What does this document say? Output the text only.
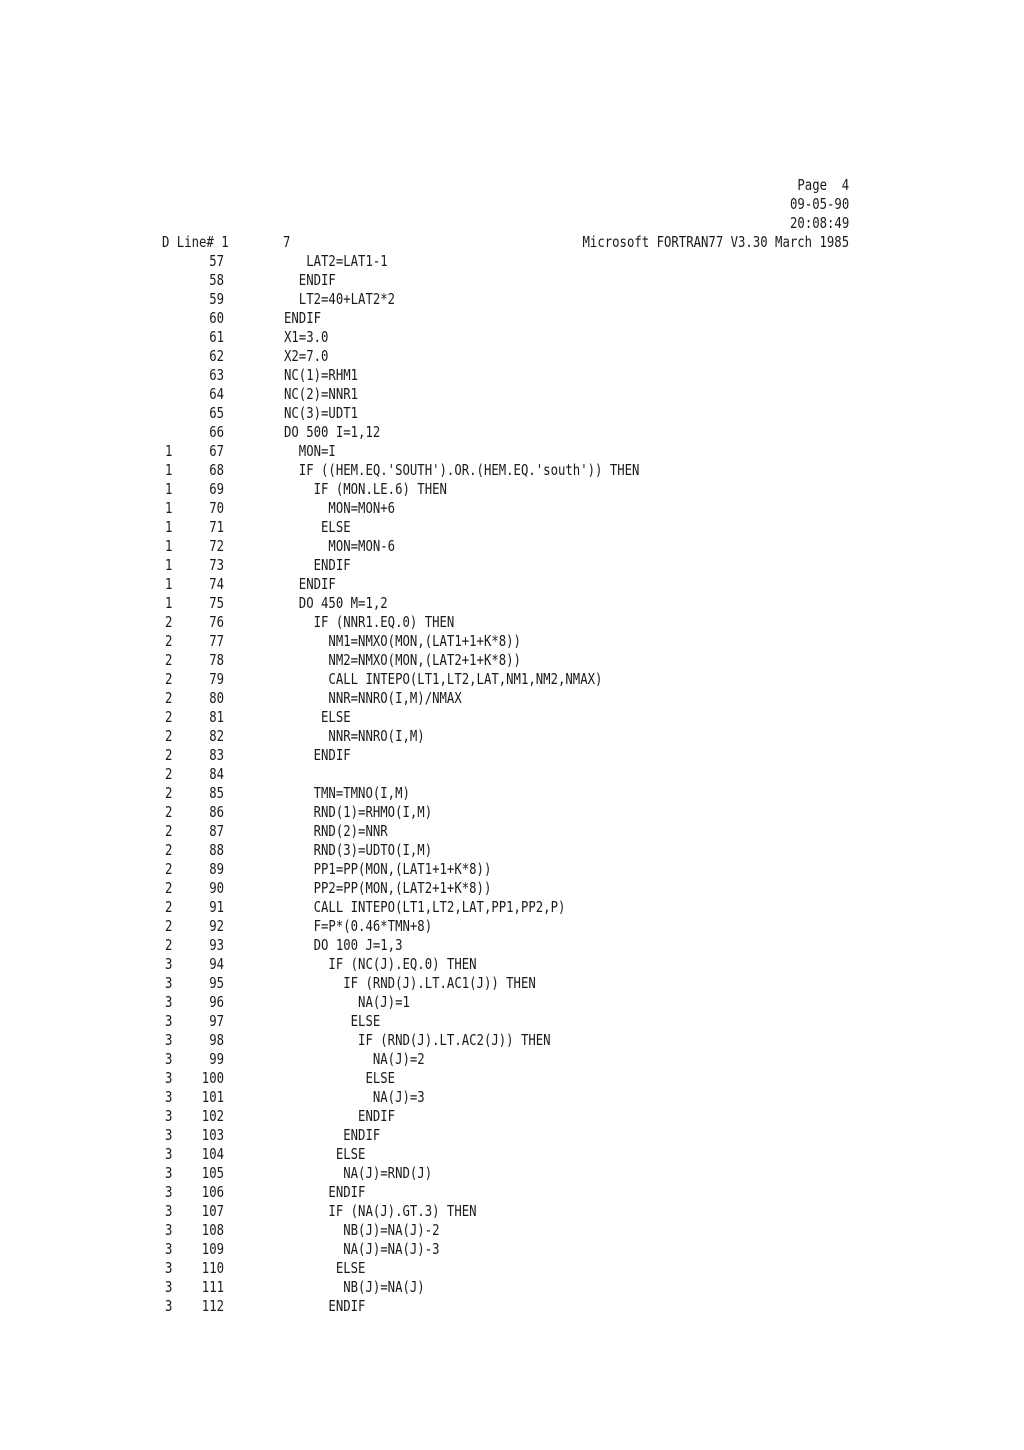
Page  4
09-05-90
20:08:49

D Line# 1

	7

	Microsoft FORTRAN77 V3.30 March 1985
57	LAT2=LAT1-1
58	ENDIF
59	LT2=40+LAT2*2
60	ENDIF
61	X1=3.0
62	X2=7.0
63	NC(1)=RHM1
64	NC(2)=NNR1
65	NC(3)=UDT1
66	DO 500 I=1,12
1	67	MON=I
1	68	IF ((HEM.EQ.'SOUTH').OR.(HEM.EQ.'south')) THEN
1	69	IF (MON.LE.6) THEN
1	70	MON=MON+6
1	71	ELSE
1	72	MON=MON-6
1	73	ENDIF
1	74	ENDIF
1	75	DO 450 M=1,2
2	76	IF (NNR1.EQ.0) THEN
2	77	NM1=NMXO(MON,(LAT1+1+K*8))
2	78	NM2=NMXO(MON,(LAT2+1+K*8))
2	79	CALL INTEPO(LT1,LT2,LAT,NM1,NM2,NMAX)
2	80	NNR=NNRO(I,M)/NMAX
2	81	ELSE
2	82	NNR=NNRO(I,M)
2	83	ENDIF
2	84
2	85	TMN=TMNO(I,M)
2	86	RND(1)=RHMO(I,M)
2	87	RND(2)=NNR
2	88	RND(3)=UDTO(I,M)
2	89	PP1=PP(MON,(LAT1+1+K*8))
2	90	PP2=PP(MON,(LAT2+1+K*8))
2	91	CALL INTEPO(LT1,LT2,LAT,PP1,PP2,P)
2	92	F=P*(0.46*TMN+8)
2	93	DO 100 J=1,3
3	94	IF (NC(J).EQ.0) THEN
3	95	IF (RND(J).LT.AC1(J)) THEN
3	96	NA(J)=1
3	97	ELSE
3	98	IF (RND(J).LT.AC2(J)) THEN
3	99	NA(J)=2
3	100	ELSE
3	101	NA(J)=3
3	102	ENDIF
3	103	ENDIF
3	104	ELSE
3	105	NA(J)=RND(J)
3	106	ENDIF
3	107	IF (NA(J).GT.3) THEN
3	108	NB(J)=NA(J)-2
3	109	NA(J)=NA(J)-3
3	110	ELSE
3	111	NB(J)=NA(J)
3	112	ENDIF
